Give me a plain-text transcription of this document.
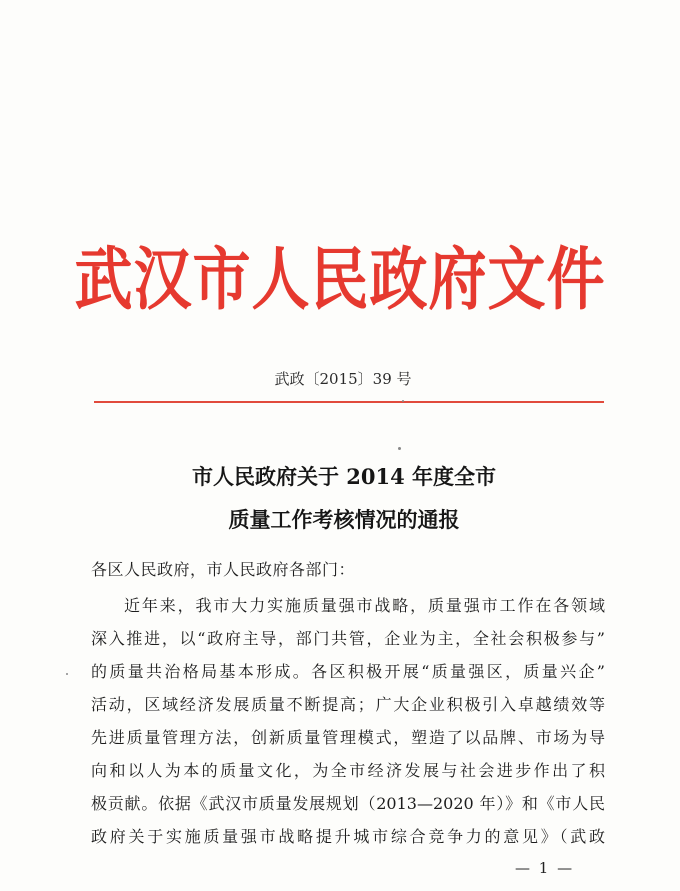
武汉市人民政府文件
武政〔2015〕39 号
市人民政府关于 2014 年度全市
质量工作考核情况的通报
各区人民政府，市人民政府各部门：
近年来，我市大力实施质量强市战略，质量强市工作在各领域
深入推进，以“政府主导，部门共管，企业为主，全社会积极参与”
的质量共治格局基本形成。各区积极开展“质量强区，质量兴企”
活动，区域经济发展质量不断提高；广大企业积极引入卓越绩效等
先进质量管理方法，创新质量管理模式，塑造了以品牌、市场为导
向和以人为本的质量文化，为全市经济发展与社会进步作出了积
极贡献。依据《武汉市质量发展规划（2013—2020 年）》和《市人民
政府关于实施质量强市战略提升城市综合竞争力的意见》（武政
— 1 —
